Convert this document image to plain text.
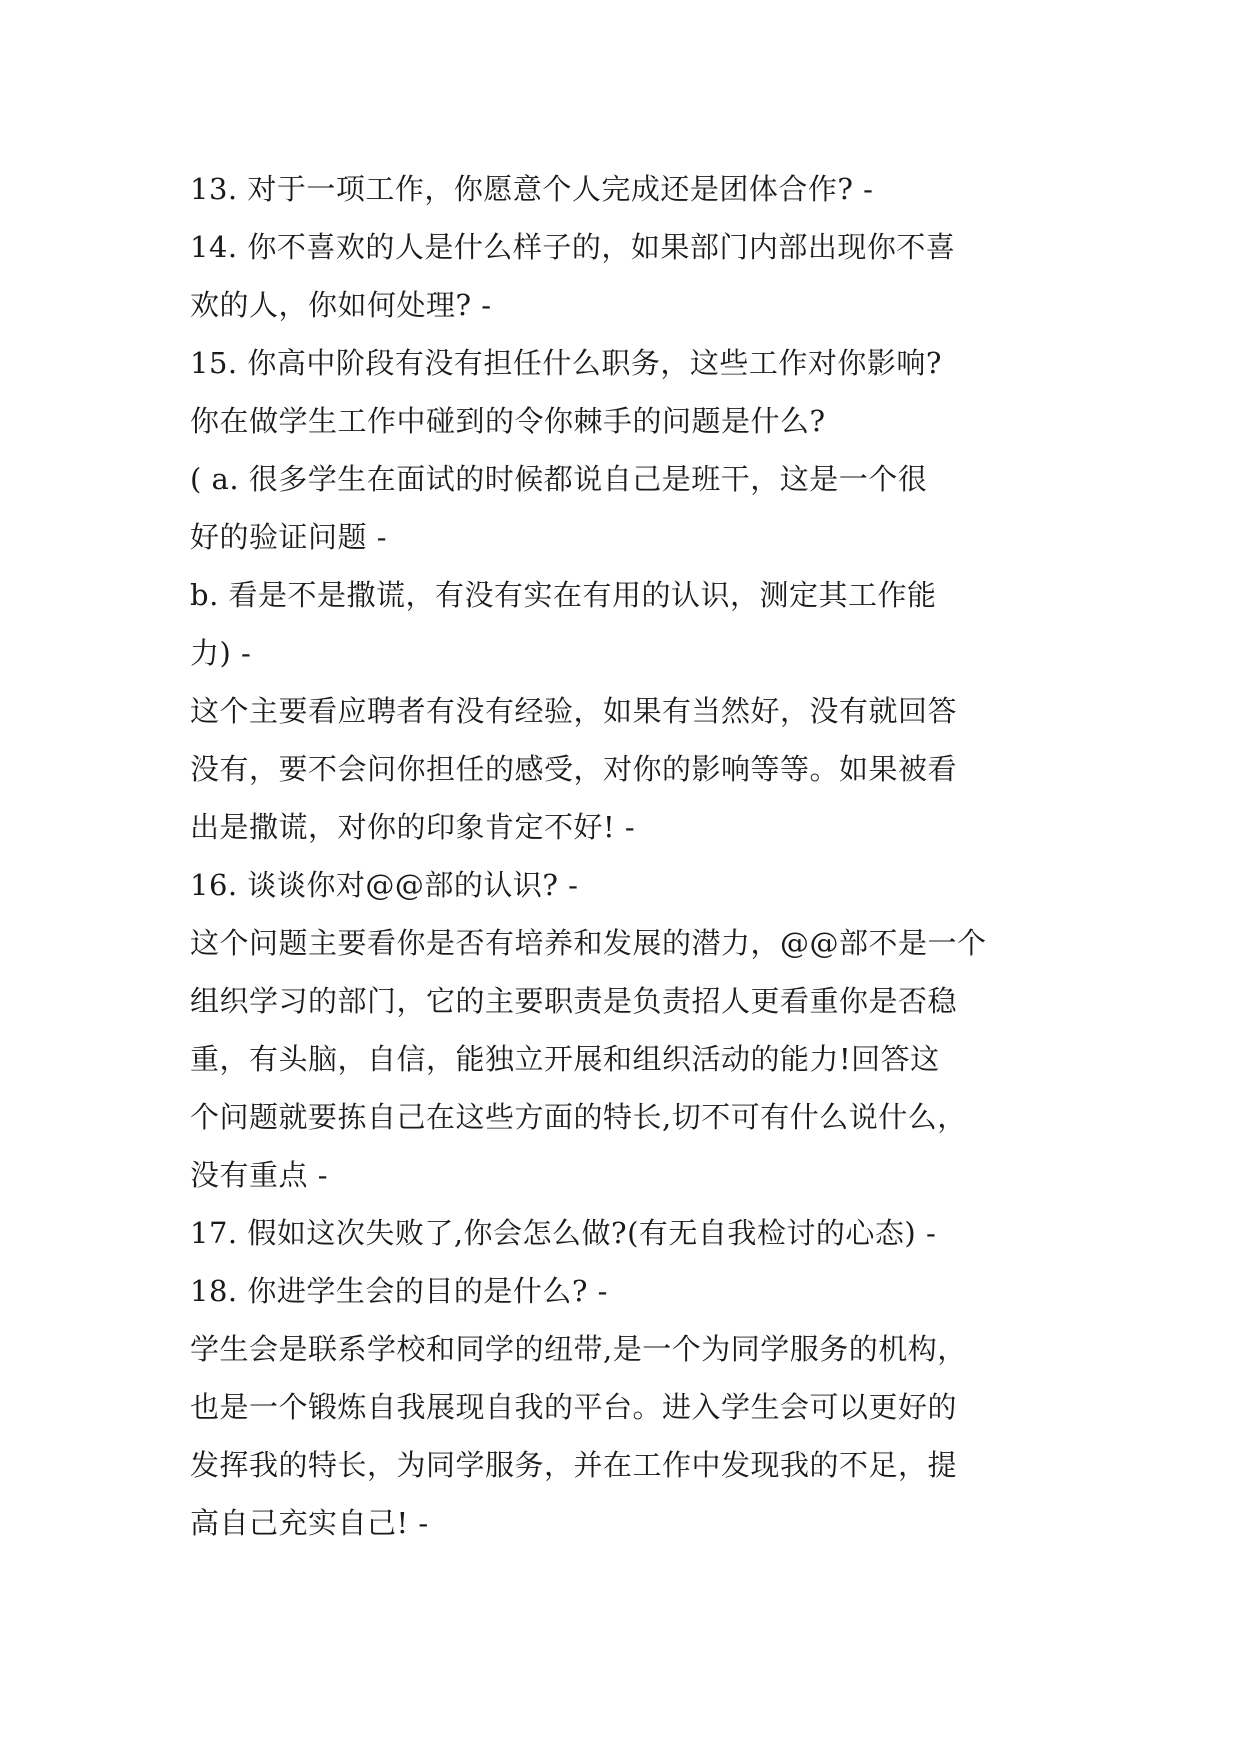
13. 对于一项工作，你愿意个人完成还是团体合作? -
14. 你不喜欢的人是什么样子的，如果部门内部出现你不喜
欢的人，你如何处理? -
15. 你高中阶段有没有担任什么职务，这些工作对你影响?
你在做学生工作中碰到的令你棘手的问题是什么?
( a. 很多学生在面试的时候都说自己是班干，这是一个很
好的验证问题 -
b. 看是不是撒谎，有没有实在有用的认识，测定其工作能
力) -
这个主要看应聘者有没有经验，如果有当然好，没有就回答
没有，要不会问你担任的感受，对你的影响等等。如果被看
出是撒谎，对你的印象肯定不好! -
16. 谈谈你对@@部的认识? -
这个问题主要看你是否有培养和发展的潜力，@@部不是一个
组织学习的部门，它的主要职责是负责招人更看重你是否稳
重，有头脑，自信，能独立开展和组织活动的能力!回答这
个问题就要拣自己在这些方面的特长,切不可有什么说什么，
没有重点 -
17. 假如这次失败了,你会怎么做?(有无自我检讨的心态) -
18. 你进学生会的目的是什么? -
学生会是联系学校和同学的纽带,是一个为同学服务的机构，
也是一个锻炼自我展现自我的平台。进入学生会可以更好的
发挥我的特长，为同学服务，并在工作中发现我的不足，提
高自己充实自己! -
